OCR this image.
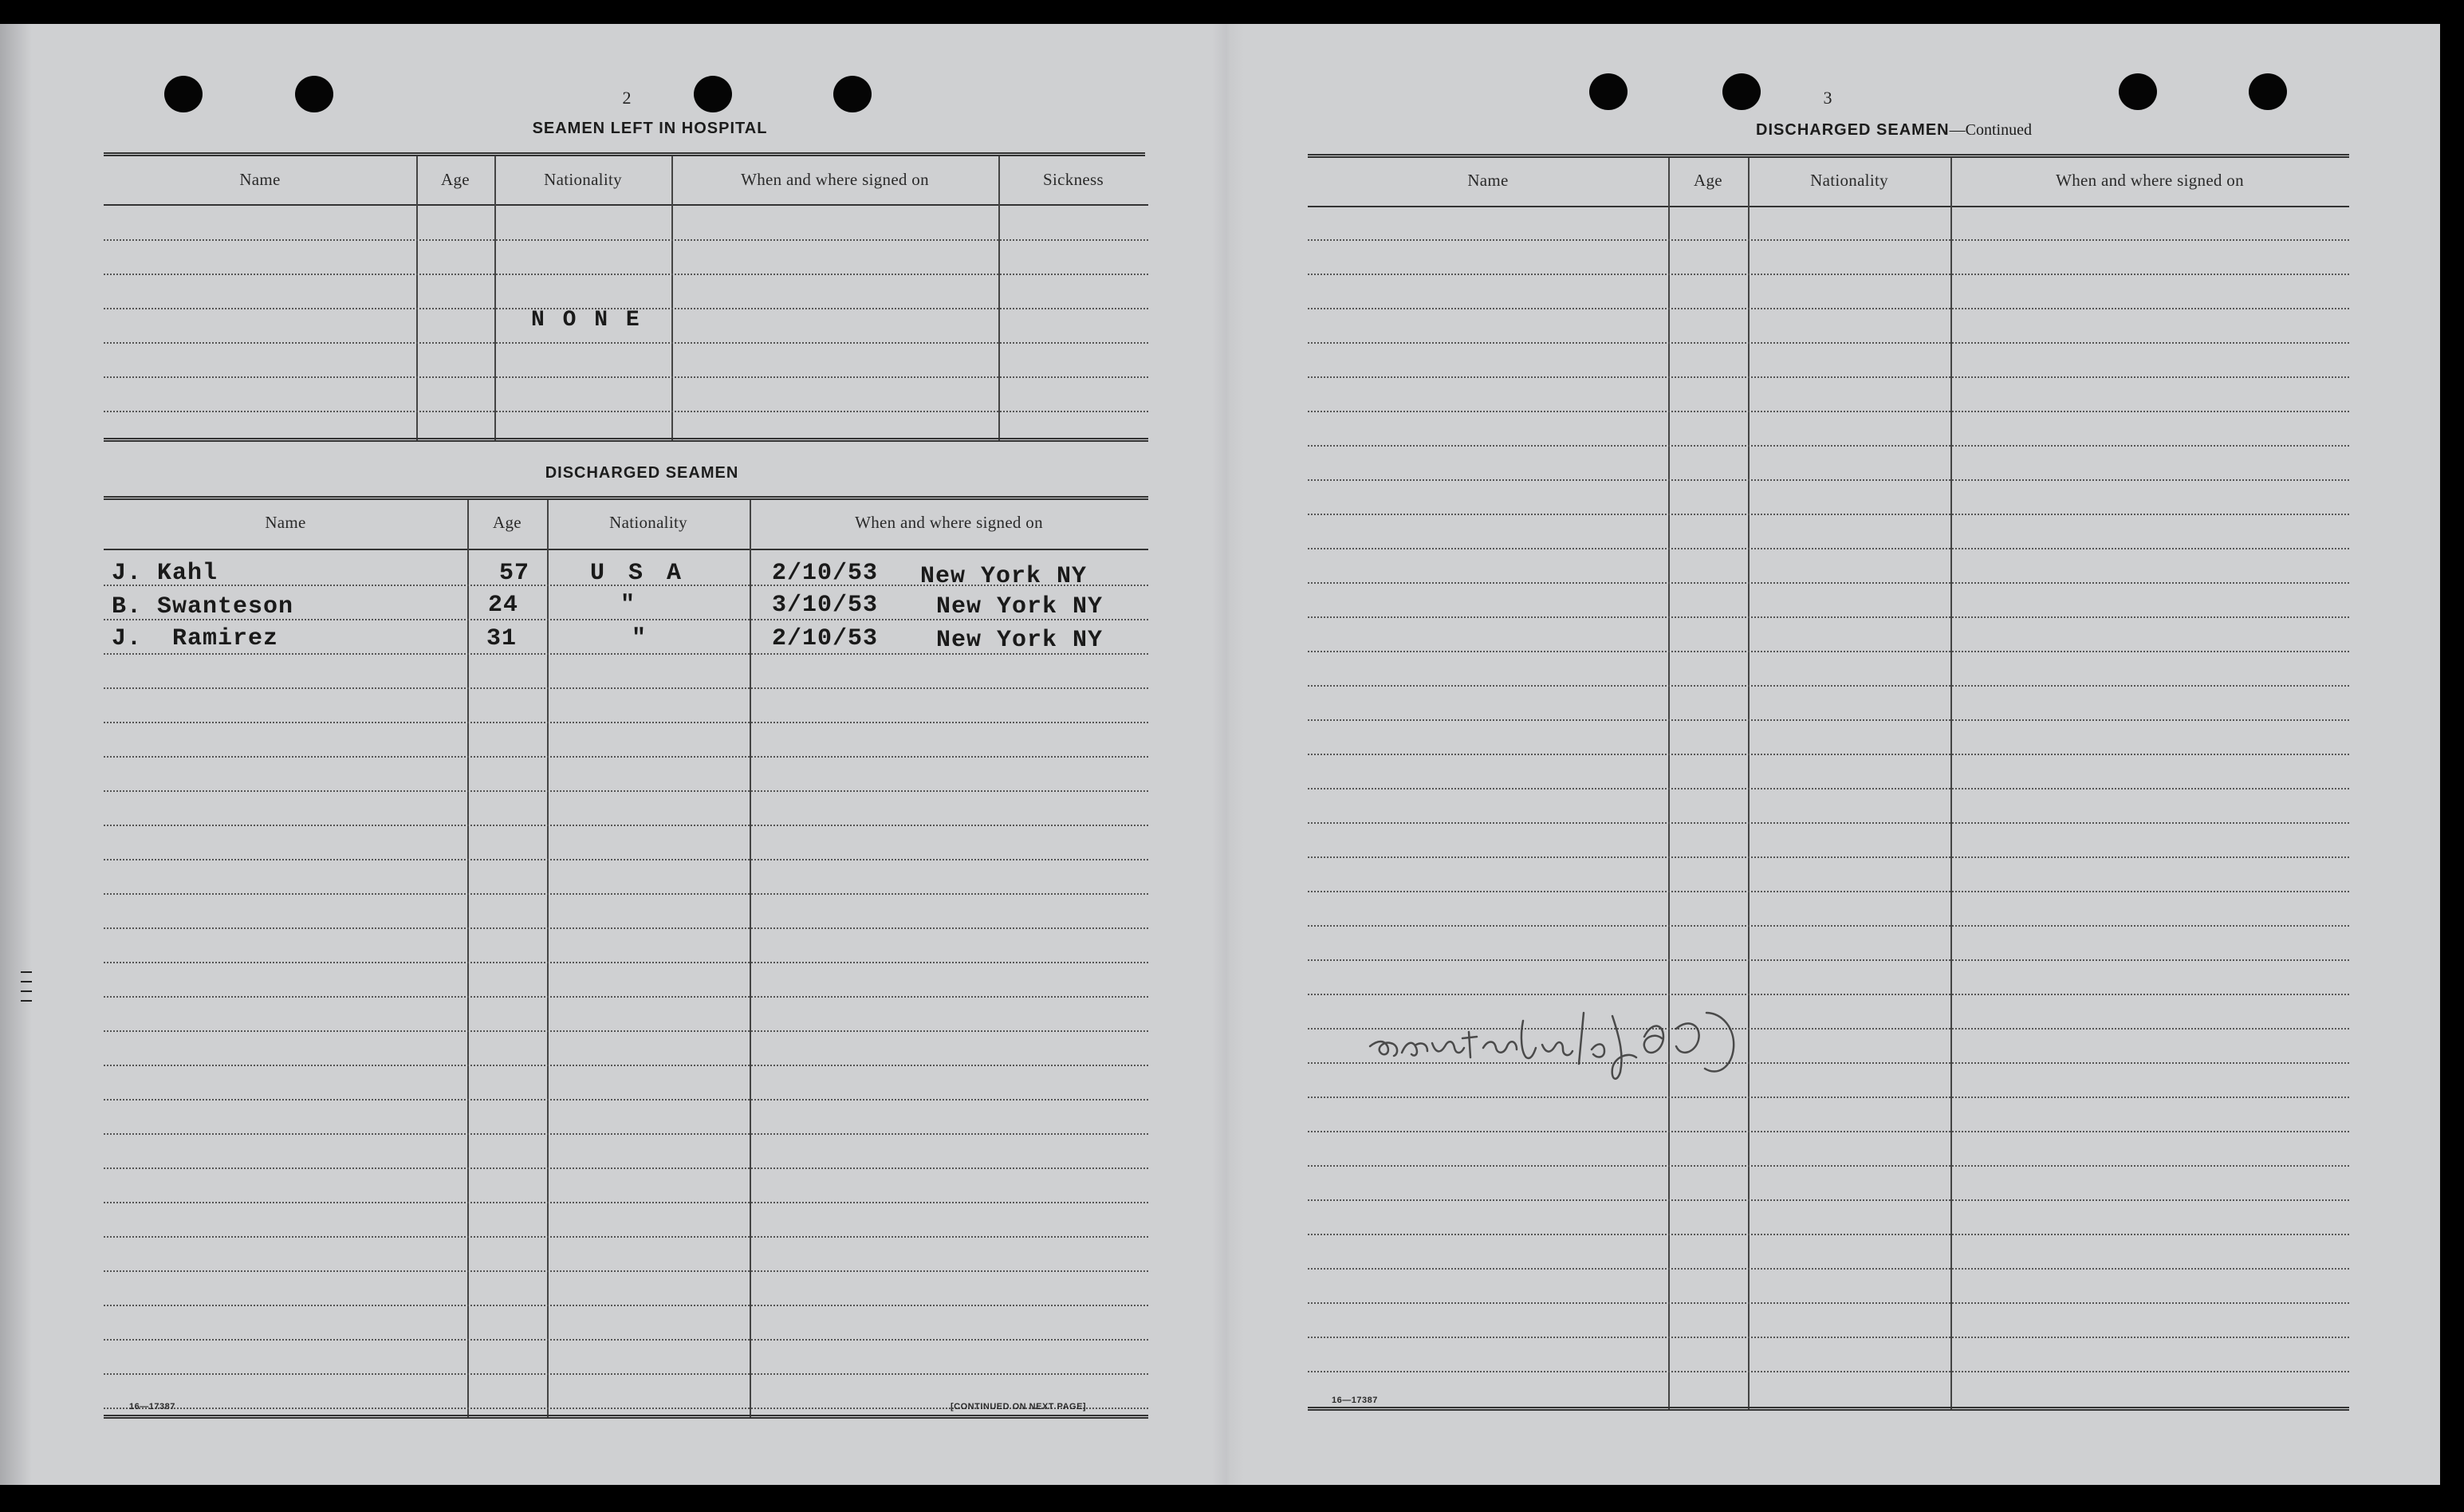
2
SEAMEN LEFT IN HOSPITAL
Name	Age	Nationality	When and where signed on	Sickness
N O N E
DISCHARGED SEAMEN
Name	Age	Nationality	When and where signed on
J. Kahl	57	U S A	2/10/53 New York NY
B. Swanteson	24	"	3/10/53 New York NY
J.  Ramirez	31	"	2/10/53 New York NY
16—17387	[CONTINUED ON NEXT PAGE]
3
DISCHARGED SEAMEN—Continued
Name	Age	Nationality	When and where signed on
16—17387
